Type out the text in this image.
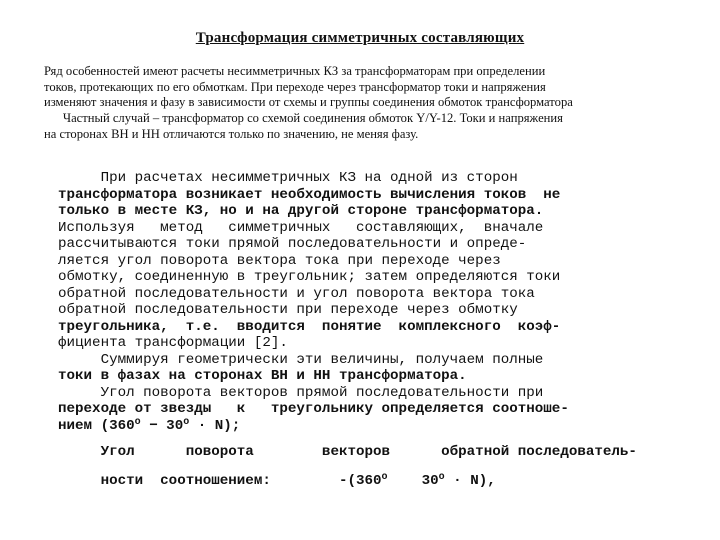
Трансформация симметричных составляющих
Ряд особенностей имеют расчеты несимметричных КЗ за трансформаторам при определении
токов, протекающих по его обмоткам. При переходе через трансформатор токи и напряжения
изменяют значения и фазу в зависимости от схемы и группы соединения обмоток трансформатора
Частный случай – трансформатор со схемой соединения обмоток Y/Y-12. Токи и напряжения
на сторонах ВН и НН отличаются только по значению, не меняя фазу.
При расчетах несимметричных КЗ на одной из сторон
трансформатора возникает необходимость вычисления токов  не
только в месте КЗ, но и на другой стороне трансформатора.
Используя   метод   симметричных   составляющих,  вначале
рассчитываются токи прямой последовательности и опреде-
ляется угол поворота вектора тока при переходе через
обмотку, соединенную в треугольник; затем определяются токи
обратной последовательности и угол поворота вектора тока
обратной последовательности при переходе через обмотку
треугольника,  т.е.  вводится  понятие  комплексного  коэф-
фициента трансформации [2].
Суммируя геометрически эти величины, получаем полные
токи в фазах на сторонах ВН и НН трансформатора.
Угол поворота векторов прямой последовательности при
переходе от звезды   к   треугольнику определяется соотноше-
нием $(360^o - 30^o \cdot N)$;
Угол      поворота        векторов      обратной последователь-
ности  соотношением:        -(360$^o$    $30^o \cdot N$),
